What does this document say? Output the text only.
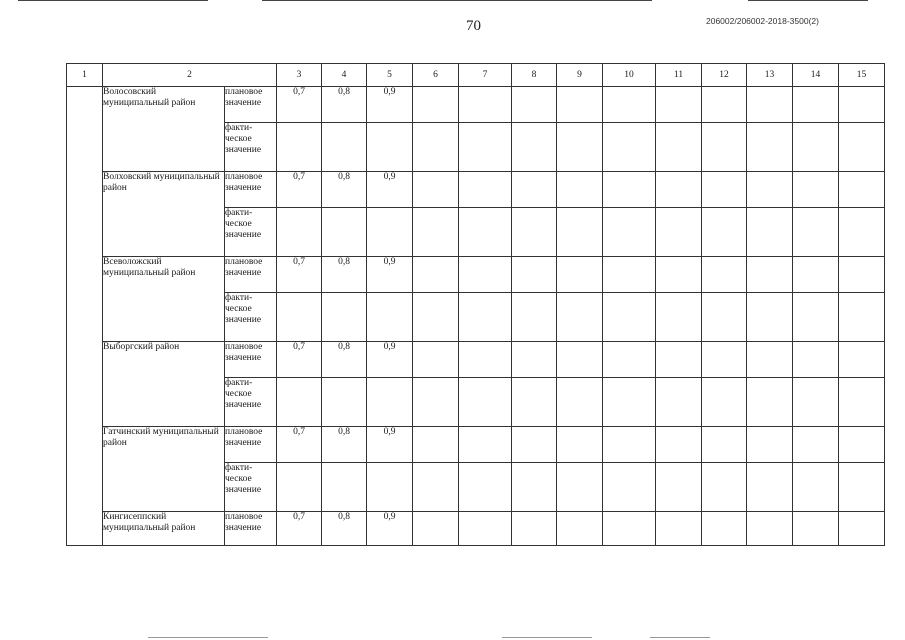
70	206002/206002-2018-3500(2)
1	2		3	4	5	6	7	8	9	10	11	12	13	14	15
	Волосовский муниципальный район	плановое значение	0,7	0,8	0,9										
		факти-ческое значение													
	Волховский муниципальный район	плановое значение	0,7	0,8	0,9										
		факти-ческое значение													
	Всеволожский муниципальный район	плановое значение	0,7	0,8	0,9										
		факти-ческое значение													
	Выборгский район	плановое значение	0,7	0,8	0,9										
		факти-ческое значение													
	Гатчинский муниципальный район	плановое значение	0,7	0,8	0,9										
		факти-ческое значение													
	Кингисеппский муниципальный район	плановое значение	0,7	0,8	0,9										
